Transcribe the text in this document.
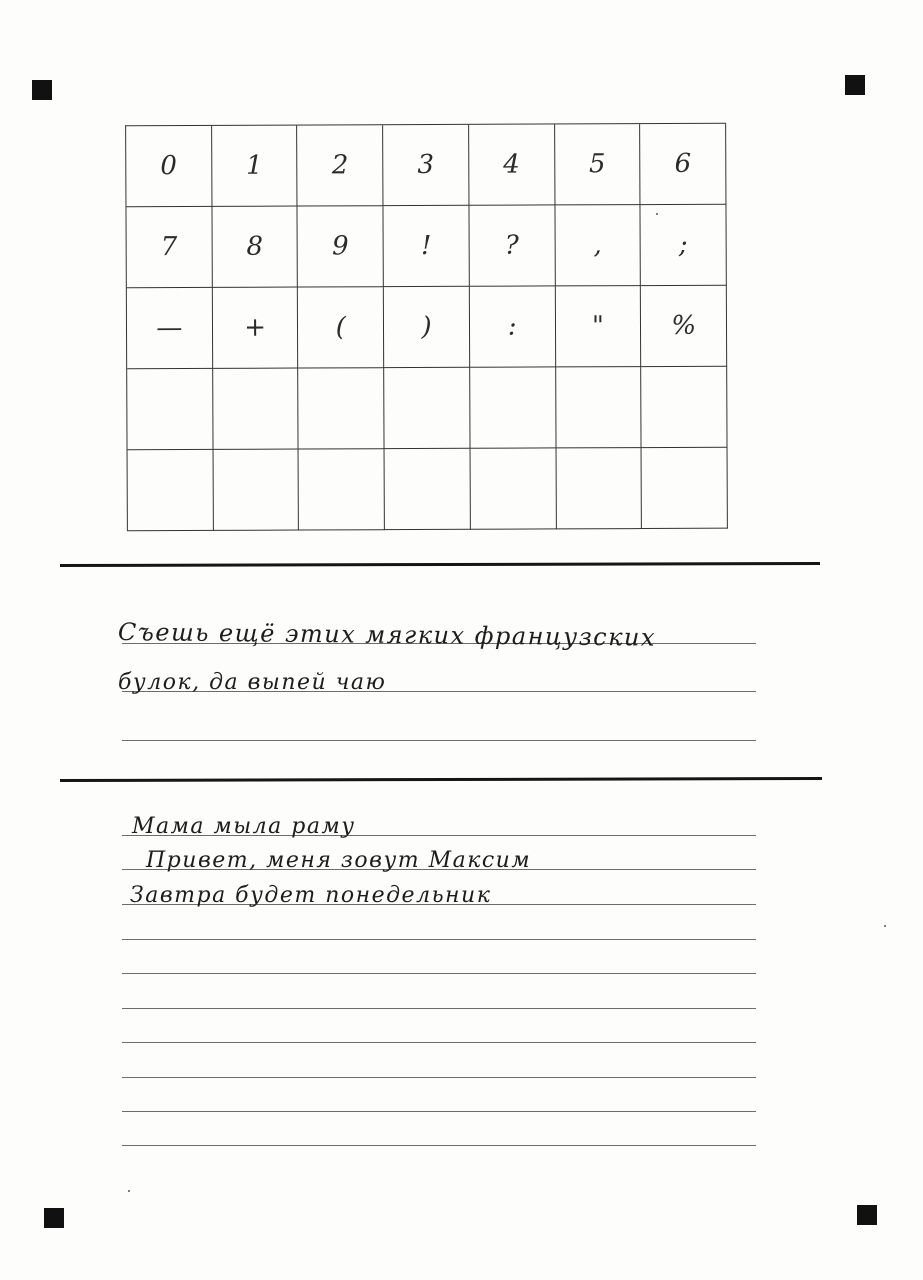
0	1	2	3	4	5	6
7	8	9	!	?	,	;
—	+	(	)	:	"	%
Съешь ещё этих мягких французских
булок, да выпей чаю
Мама мыла раму
Привет, меня зовут Максим
Завтра будет понедельник
